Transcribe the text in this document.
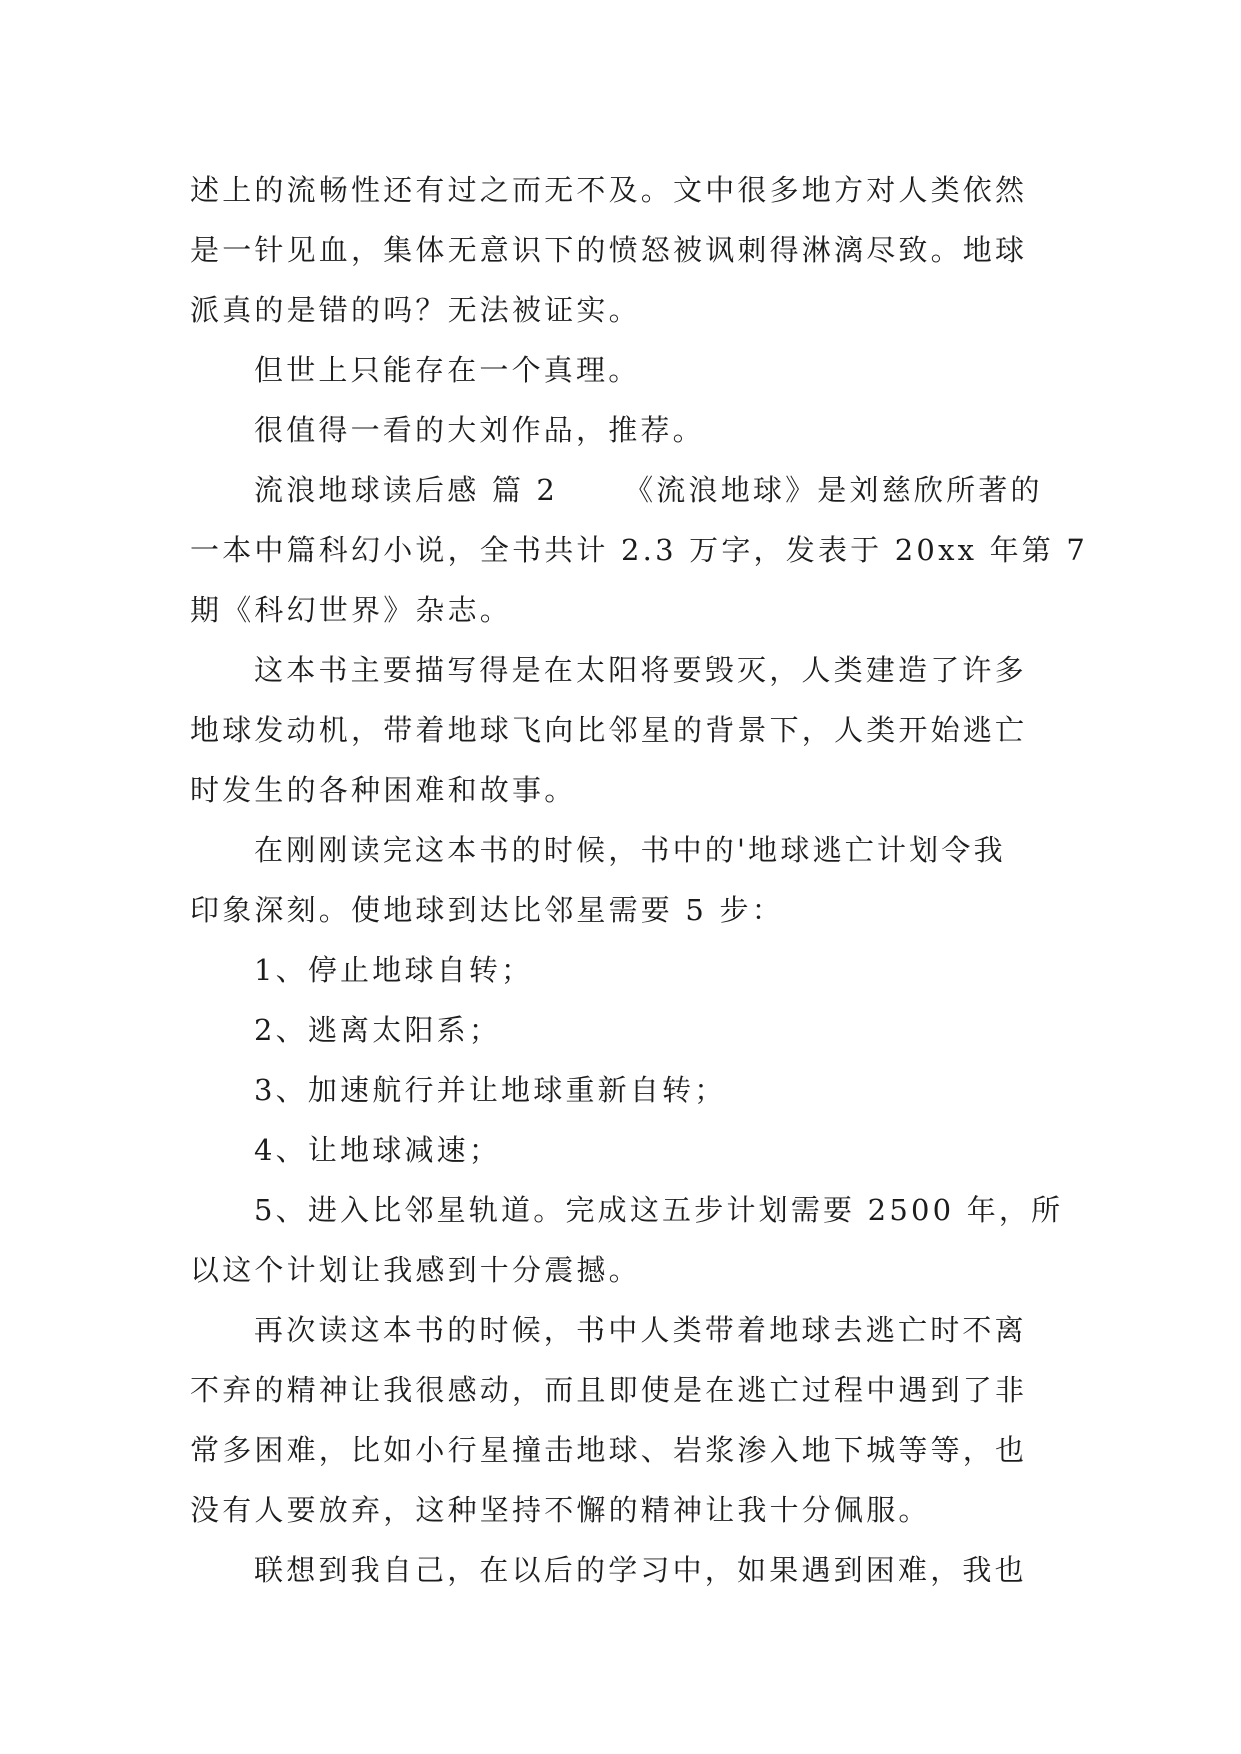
述上的流畅性还有过之而无不及。文中很多地方对人类依然
是一针见血，集体无意识下的愤怒被讽刺得淋漓尽致。地球
派真的是错的吗？无法被证实。
但世上只能存在一个真理。
很值得一看的大刘作品，推荐。
流浪地球读后感 篇 2 《流浪地球》是刘慈欣所著的
一本中篇科幻小说，全书共计 2.3 万字，发表于 20xx 年第 7
期《科幻世界》杂志。
这本书主要描写得是在太阳将要毁灭，人类建造了许多
地球发动机，带着地球飞向比邻星的背景下，人类开始逃亡
时发生的各种困难和故事。
在刚刚读完这本书的时候，书中的'地球逃亡计划令我
印象深刻。使地球到达比邻星需要 5 步：
1、停止地球自转；
2、逃离太阳系；
3、加速航行并让地球重新自转；
4、让地球减速；
5、进入比邻星轨道。完成这五步计划需要 2500 年，所
以这个计划让我感到十分震撼。
再次读这本书的时候，书中人类带着地球去逃亡时不离
不弃的精神让我很感动，而且即使是在逃亡过程中遇到了非
常多困难，比如小行星撞击地球、岩浆渗入地下城等等，也
没有人要放弃，这种坚持不懈的精神让我十分佩服。
联想到我自己，在以后的学习中，如果遇到困难，我也
